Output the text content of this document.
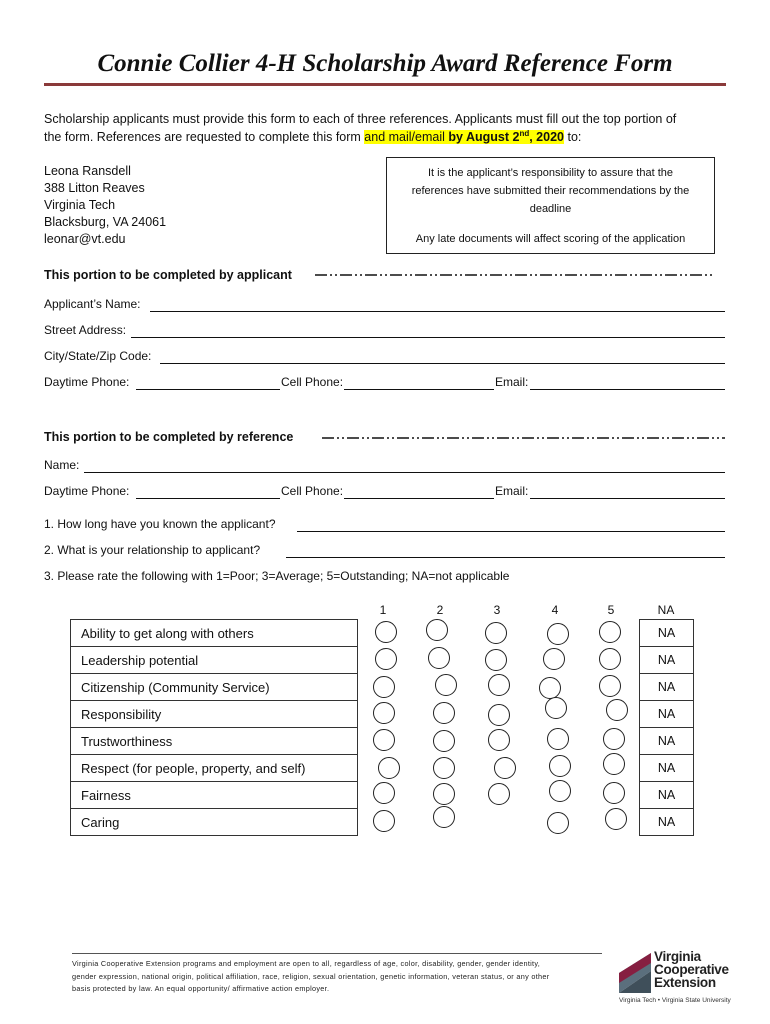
Connie Collier 4-H Scholarship Award Reference Form
Scholarship applicants must provide this form to each of three references. Applicants must fill out the top portion of
the form. References are requested to complete this form and mail/email by August 2nd, 2020 to:
Leona Ransdell
388 Litton Reaves
Virginia Tech
Blacksburg, VA 24061
leonar@vt.edu
It is the applicant’s responsibility to assure that the
references have submitted their recommendations by the
deadline
Any late documents will affect scoring of the application
This portion to be completed by applicant
Applicant’s Name:
Street Address:
City/State/Zip Code:
Daytime Phone:	Cell Phone:	Email:
This portion to be completed by reference
Name:
Daytime Phone:	Cell Phone:	Email:
1. How long have you known the applicant?
2. What is your relationship to applicant?
3. Please rate the following with 1=Poor; 3=Average; 5=Outstanding; NA=not applicable
1	2	3	4	5	NA
Ability to get along with others		NA
Leadership potential		NA
Citizenship (Community Service)		NA
Responsibility		NA
Trustworthiness		NA
Respect (for people, property, and self)		NA
Fairness		NA
Caring		NA
Virginia Cooperative Extension programs and employment are open to all, regardless of age, color, disability, gender, gender identity,
gender expression, national origin, political affiliation, race, religion, sexual orientation, genetic information, veteran status, or any other
basis protected by law. An equal opportunity/ affirmative action employer.
Virginia
Cooperative
Extension
Virginia Tech • Virginia State University
